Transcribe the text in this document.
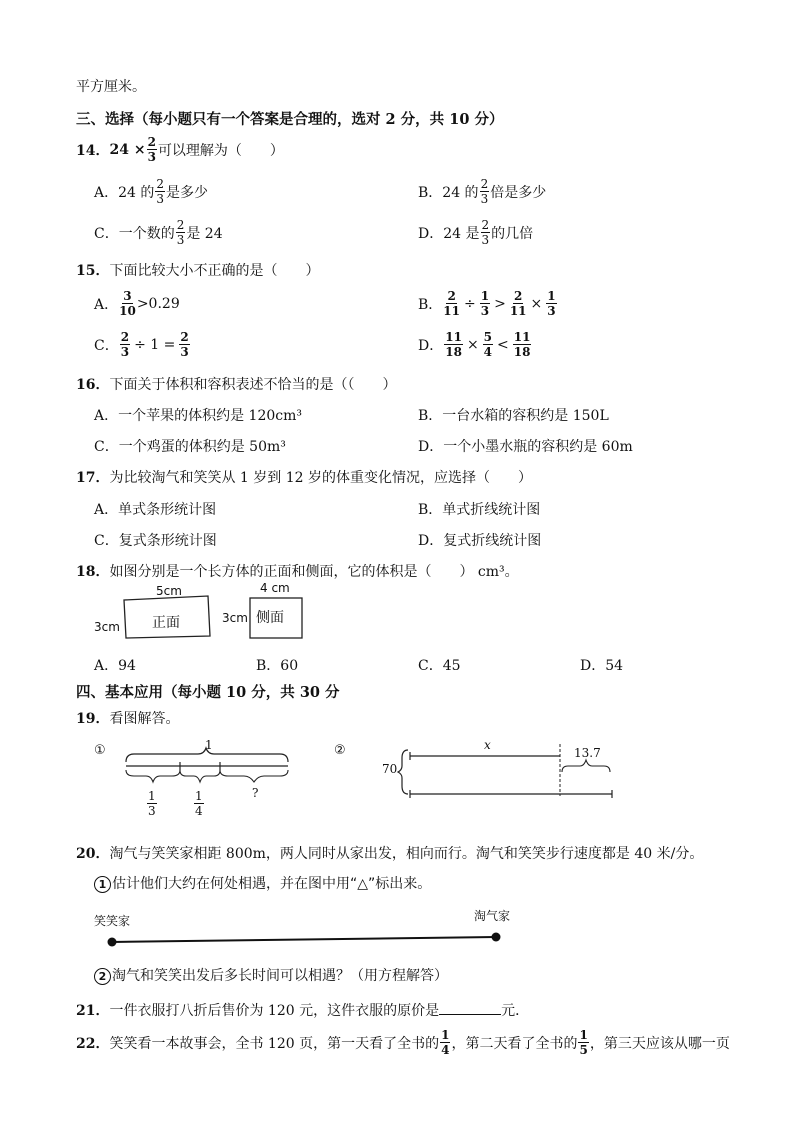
平方厘米。
三、选择（每小题只有一个答案是合理的，选对 2 分，共 10 分）
14． $24 \times \frac{2}{3}$ 可以理解为（　　）
A．24 的 $\frac{2}{3}$ 是多少	B．24 的 $\frac{2}{3}$ 倍是多少
C．一个数的 $\frac{2}{3}$ 是 24	D．24 是 $\frac{2}{3}$ 的几倍
15．下面比较大小不正确的是（　　）
A． $\frac{3}{10} >0.29$	B． $\frac{2}{11} \div \frac{1}{3} > \frac{2}{11} \times \frac{1}{3}$
C． $\frac{2}{3} \div 1 = \frac{2}{3}$	D． $\frac{11}{18} \times \frac{5}{4} < \frac{11}{18}$
16．下面关于体积和容积表述不恰当的是（（　　）
A．一个苹果的体积约是 120cm³	B．一台水箱的容积约是 150L
C．一个鸡蛋的体积约是 50m³	D．一个小墨水瓶的容积约是 60m
17．为比较淘气和笑笑从 1 岁到 12 岁的体重变化情况，应选择（　　）
A．单式条形统计图	B．单式折线统计图
C．复式条形统计图	D．复式折线统计图
18．如图分别是一个长方体的正面和侧面，它的体积是（　　） cm³。
5cm
3cm 正面
4 cm
3cm 侧面
A．94	B．60	C．45	D．54
四、基本应用（每小题 10 分，共 30 分
19．看图解答。
①	②
1
$\frac{1}{3}$	$\frac{1}{4}$	?
x
13.7
70
20．淘气与笑笑家相距 800m，两人同时从家出发，相向而行。淘气和笑笑步行速度都是 40 米/分。
1 估计他们大约在何处相遇，并在图中用“△”标出来。
笑笑家	淘气家
2 淘气和笑笑出发后多长时间可以相遇？（用方程解答）
21． 一件衣服打八折后售价为 120 元，这件衣服的原价是	元．
22． 笑笑看一本故事会，全书 120 页，第一天看了全书的 $\frac{1}{4}$ ，第二天看了全书的 $\frac{1}{5}$ ，第三天应该从哪一页
